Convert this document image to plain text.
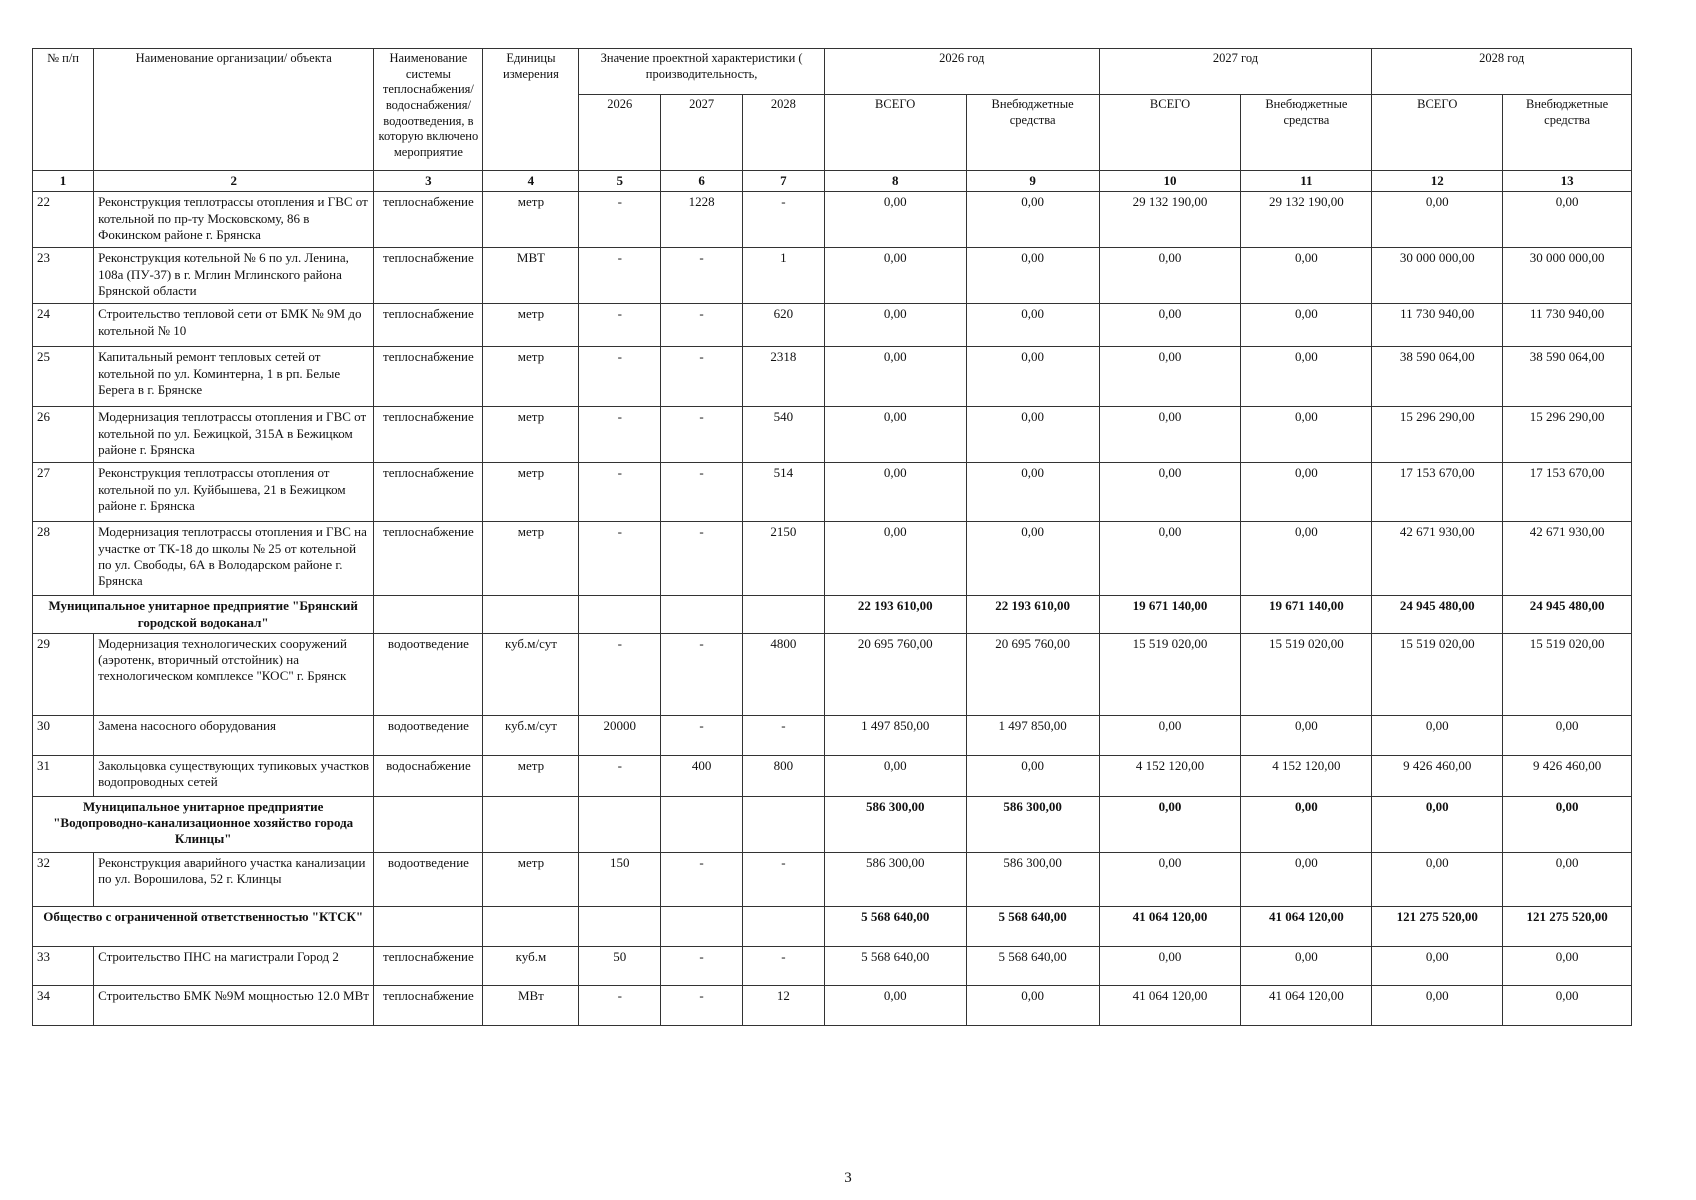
№ п/п	Наименование организации/ объекта	Наименование системы теплоснабжения/водоснабжения/водоотведения, в которую включено мероприятие	Единицы измерения	Значение проектной характеристики ( производительность,			2026 год		2027 год		2028 год	
				2026	2027	2028	ВСЕГО	Внебюджетные средства	ВСЕГО	Внебюджетные средства	ВСЕГО	Внебюджетные средства
1	2	3	4	5	6	7	8	9	10	11	12	13
22	Реконструкция теплотрассы отопления и ГВС от котельной по пр-ту Московскому, 86 в Фокинском районе г. Брянска	теплоснабжение	метр	-	1228	-	0,00	0,00	29 132 190,00	29 132 190,00	0,00	0,00
23	Реконструкция котельной № 6 по ул. Ленина, 108а (ПУ-37) в г. Мглин Мглинского района Брянской области	теплоснабжение	МВТ	-	-	1	0,00	0,00	0,00	0,00	30 000 000,00	30 000 000,00
24	Строительство тепловой сети от БМК № 9М до котельной № 10	теплоснабжение	метр	-	-	620	0,00	0,00	0,00	0,00	11 730 940,00	11 730 940,00
25	Капитальный ремонт тепловых сетей от котельной по ул. Коминтерна, 1 в рп. Белые Берега в г. Брянске	теплоснабжение	метр	-	-	2318	0,00	0,00	0,00	0,00	38 590 064,00	38 590 064,00
26	Модернизация теплотрассы отопления и ГВС от котельной по ул. Бежицкой, 315А в Бежицком районе г. Брянска	теплоснабжение	метр	-	-	540	0,00	0,00	0,00	0,00	15 296 290,00	15 296 290,00
27	Реконструкция теплотрассы отопления от котельной по ул. Куйбышева, 21 в Бежицком районе г. Брянска	теплоснабжение	метр	-	-	514	0,00	0,00	0,00	0,00	17 153 670,00	17 153 670,00
28	Модернизация теплотрассы отопления и ГВС на участке от ТК-18 до школы № 25 от котельной по ул. Свободы, 6А в Володарском районе г. Брянска	теплоснабжение	метр	-	-	2150	0,00	0,00	0,00	0,00	42 671 930,00	42 671 930,00
Муниципальное унитарное предприятие "Брянский городской водоканал"							22 193 610,00	22 193 610,00	19 671 140,00	19 671 140,00	24 945 480,00	24 945 480,00
29	Модернизация технологических сооружений (аэротенк, вторичный отстойник) на технологическом комплексе "КОС" г. Брянск	водоотведение	куб.м/сут	-	-	4800	20 695 760,00	20 695 760,00	15 519 020,00	15 519 020,00	15 519 020,00	15 519 020,00
30	Замена насосного оборудования	водоотведение	куб.м/сут	20000	-	-	1 497 850,00	1 497 850,00	0,00	0,00	0,00	0,00
31	Закольцовка существующих тупиковых участков водопроводных сетей	водоснабжение	метр	-	400	800	0,00	0,00	4 152 120,00	4 152 120,00	9 426 460,00	9 426 460,00
Муниципальное унитарное предприятие "Водопроводно-канализационное хозяйство города Клинцы"							586 300,00	586 300,00	0,00	0,00	0,00	0,00
32	Реконструкция аварийного участка канализации по ул. Ворошилова, 52 г. Клинцы	водоотведение	метр	150	-	-	586 300,00	586 300,00	0,00	0,00	0,00	0,00
Общество с ограниченной ответственностью "КТСК"							5 568 640,00	5 568 640,00	41 064 120,00	41 064 120,00	121 275 520,00	121 275 520,00
33	Строительство ПНС на магистрали Город 2	теплоснабжение	куб.м	50	-	-	5 568 640,00	5 568 640,00	0,00	0,00	0,00	0,00
34	Строительство БМК №9М мощностью 12.0 МВт	теплоснабжение	МВт	-	-	12	0,00	0,00	41 064 120,00	41 064 120,00	0,00	0,00
3
